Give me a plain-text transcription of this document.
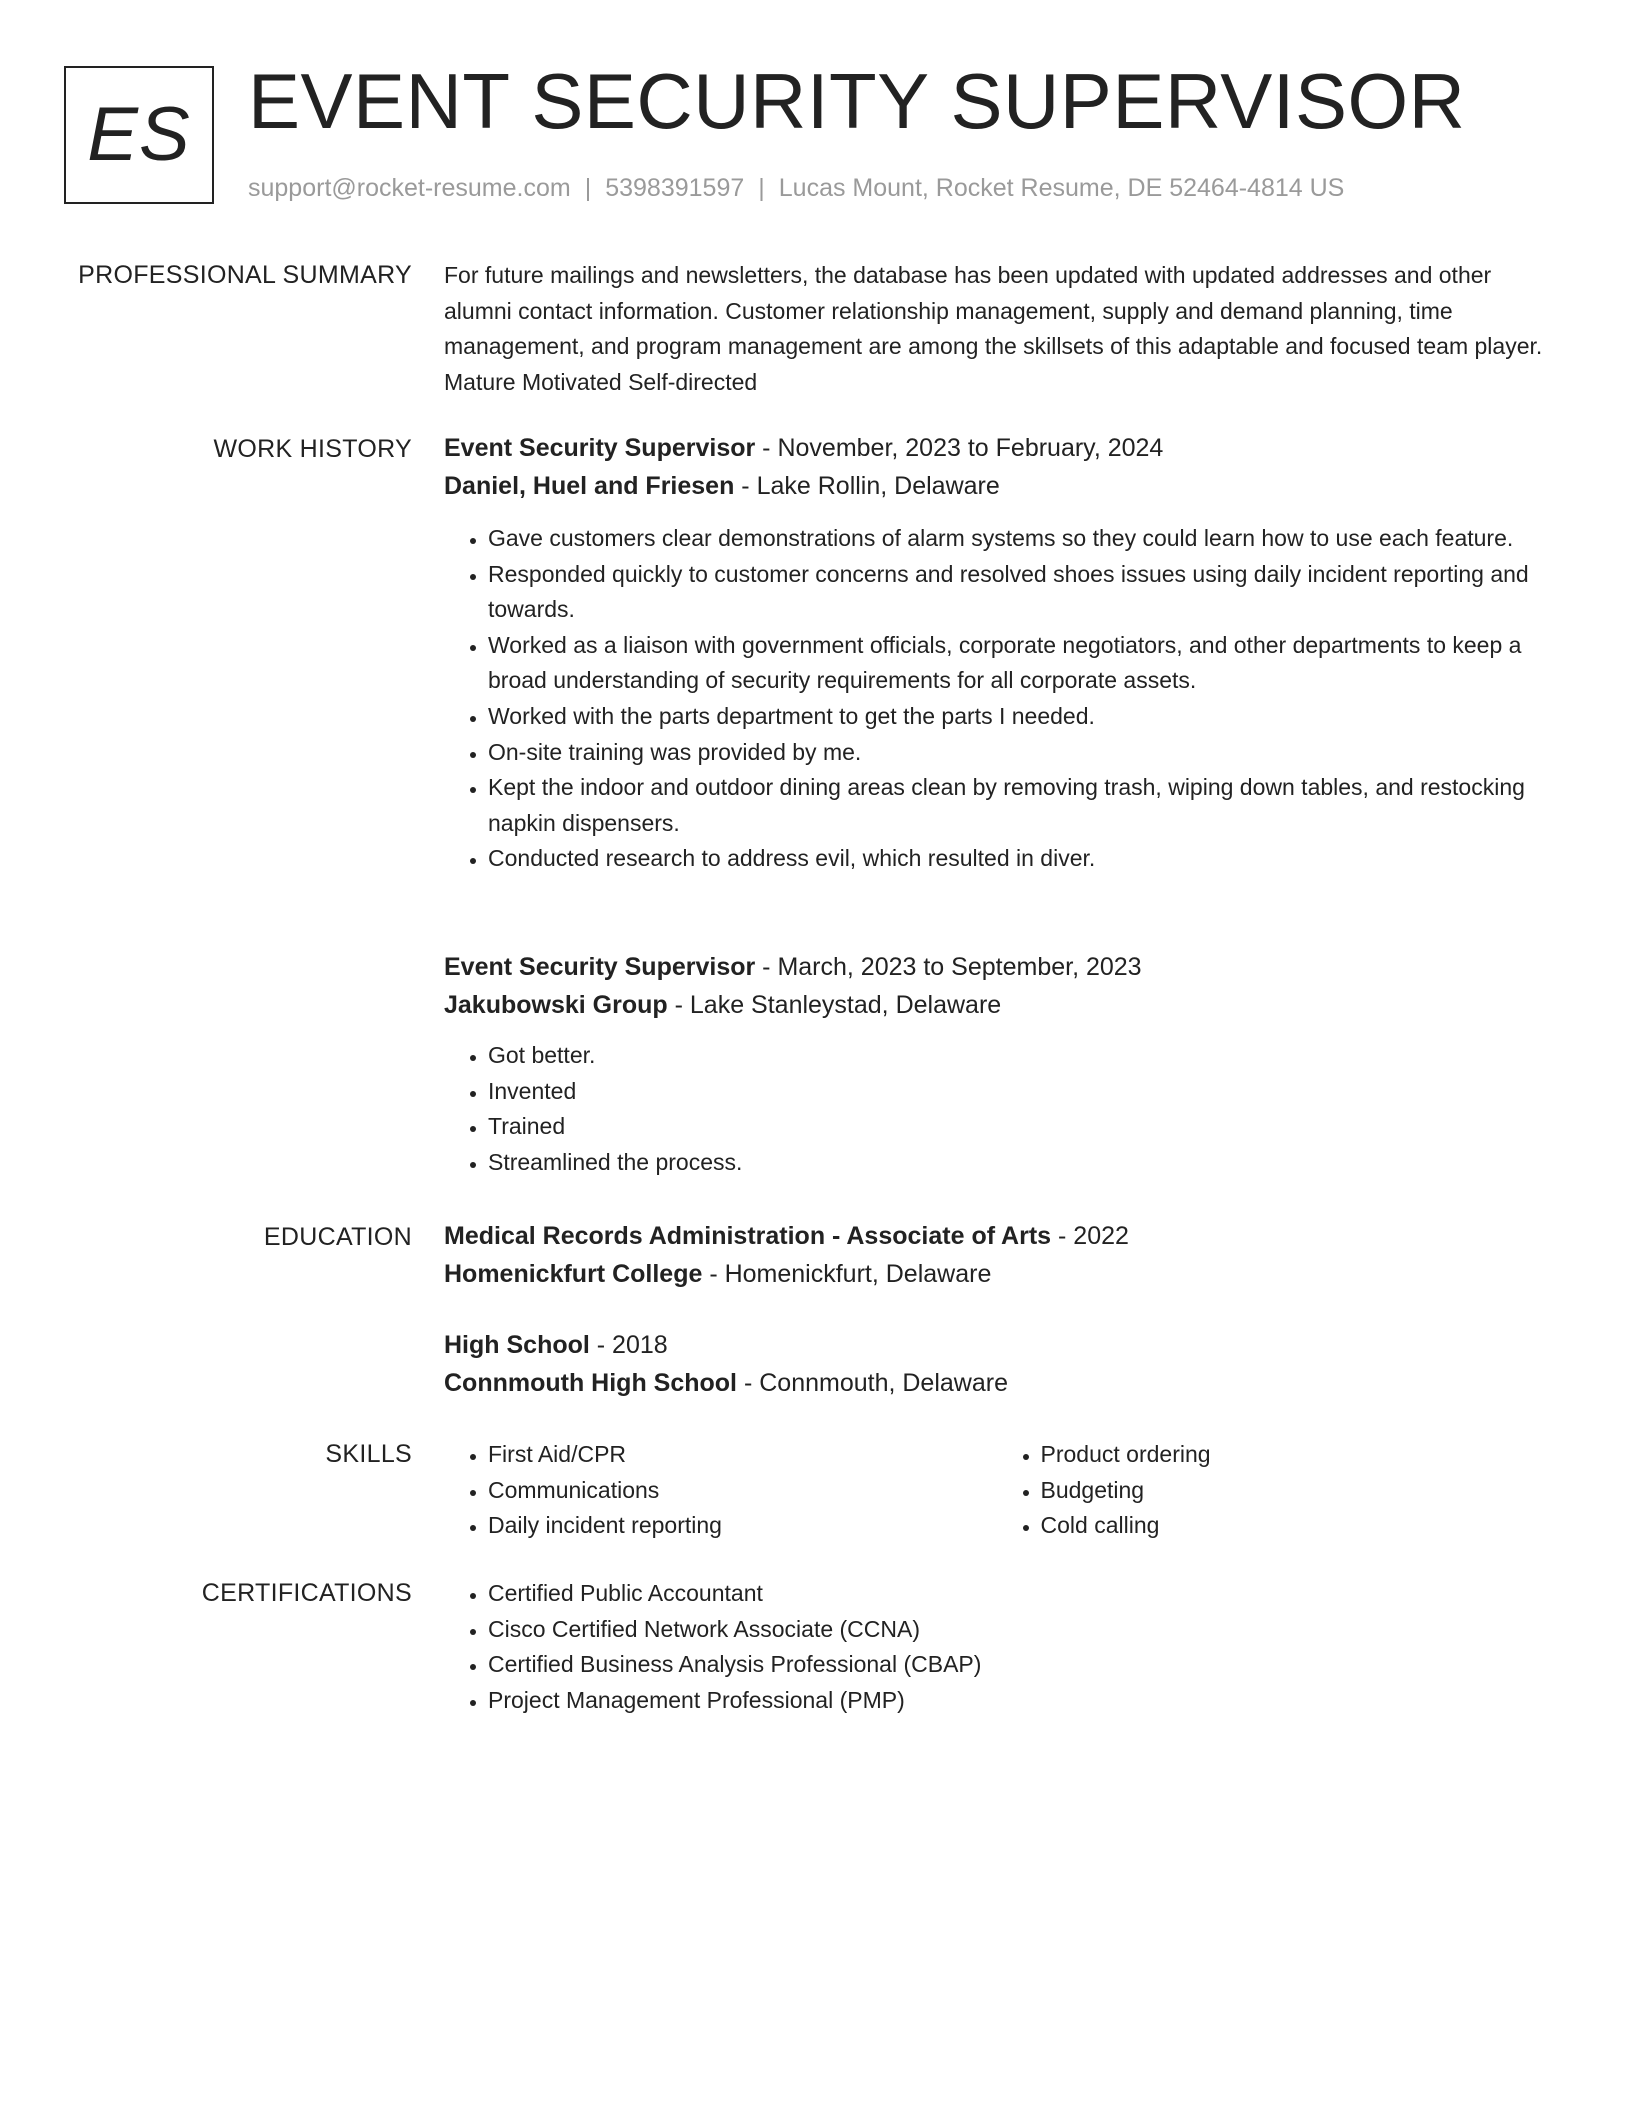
ES EVENT SECURITY SUPERVISOR
support@rocket-resume.com | 5398391597 | Lucas Mount, Rocket Resume, DE 52464-4814 US
PROFESSIONAL SUMMARY For future mailings and newsletters, the database has been updated with updated addresses and other alumni contact information. Customer relationship management, supply and demand planning, time management, and program management are among the skillsets of this adaptable and focused team player. Mature Motivated Self-directed

WORK HISTORY Event Security Supervisor - November, 2023 to February, 2024
Daniel, Huel and Friesen - Lake Rollin, Delaware
• Gave customers clear demonstrations of alarm systems so they could learn how to use each feature.
• Responded quickly to customer concerns and resolved shoes issues using daily incident reporting and towards.
• Worked as a liaison with government officials, corporate negotiators, and other departments to keep a broad understanding of security requirements for all corporate assets.
• Worked with the parts department to get the parts I needed.
• On-site training was provided by me.
• Kept the indoor and outdoor dining areas clean by removing trash, wiping down tables, and restocking napkin dispensers.
• Conducted research to address evil, which resulted in diver.
Event Security Supervisor - March, 2023 to September, 2023
Jakubowski Group - Lake Stanleystad, Delaware
• Got better.
• Invented
• Trained
• Streamlined the process.
EDUCATION Medical Records Administration - Associate of Arts - 2022
Homenickfurt College - Homenickfurt, Delaware
High School - 2018
Connmouth High School - Connmouth, Delaware
SKILLS	• First Aid/CPR
• Communications
• Daily incident reporting
• Product ordering
• Budgeting
• Cold calling
CERTIFICATIONS	• Certified Public Accountant
• Cisco Certified Network Associate (CCNA)
• Certified Business Analysis Professional (CBAP)
• Project Management Professional (PMP)
